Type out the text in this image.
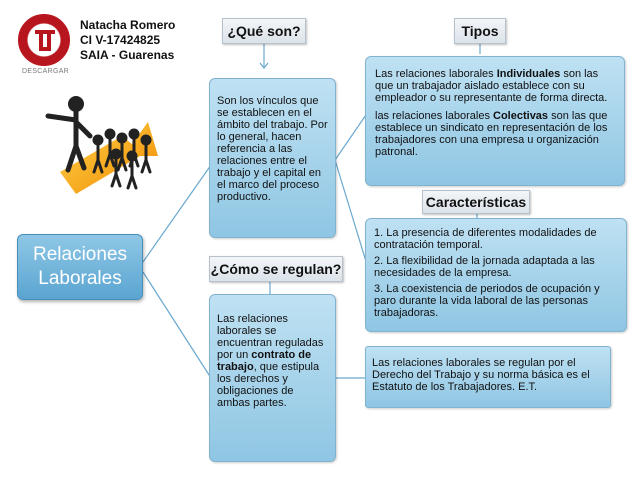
DESCARGAR
Natacha Romero
CI V-17424825
SAIA - Guarenas
Relaciones
Laborales
¿Qué son?
Son los vínculos que se establecen en el ámbito del trabajo. Por lo general, hacen referencia a las relaciones entre el trabajo y el capital en el marco del proceso productivo.
Tipos

Las relaciones laborales Individuales son las que un trabajador aislado establece con su empleador o su representante de forma directa.

las relaciones laborales Colectivas son las que establece un sindicato en representación de los trabajadores con una empresa u organización patronal.

Características

1. La presencia de diferentes modalidades de contratación temporal.

2. La flexibilidad de la jornada adaptada a las necesidades de la empresa.

3. La coexistencia de periodos de ocupación y paro durante la vida laboral de las personas trabajadoras.

¿Cómo se regulan?
Las relaciones laborales se encuentran reguladas por un contrato de trabajo, que estipula los derechos y obligaciones de ambas partes.
Las relaciones laborales se regulan por el Derecho del Trabajo y su norma básica es el Estatuto de los Trabajadores. E.T.
